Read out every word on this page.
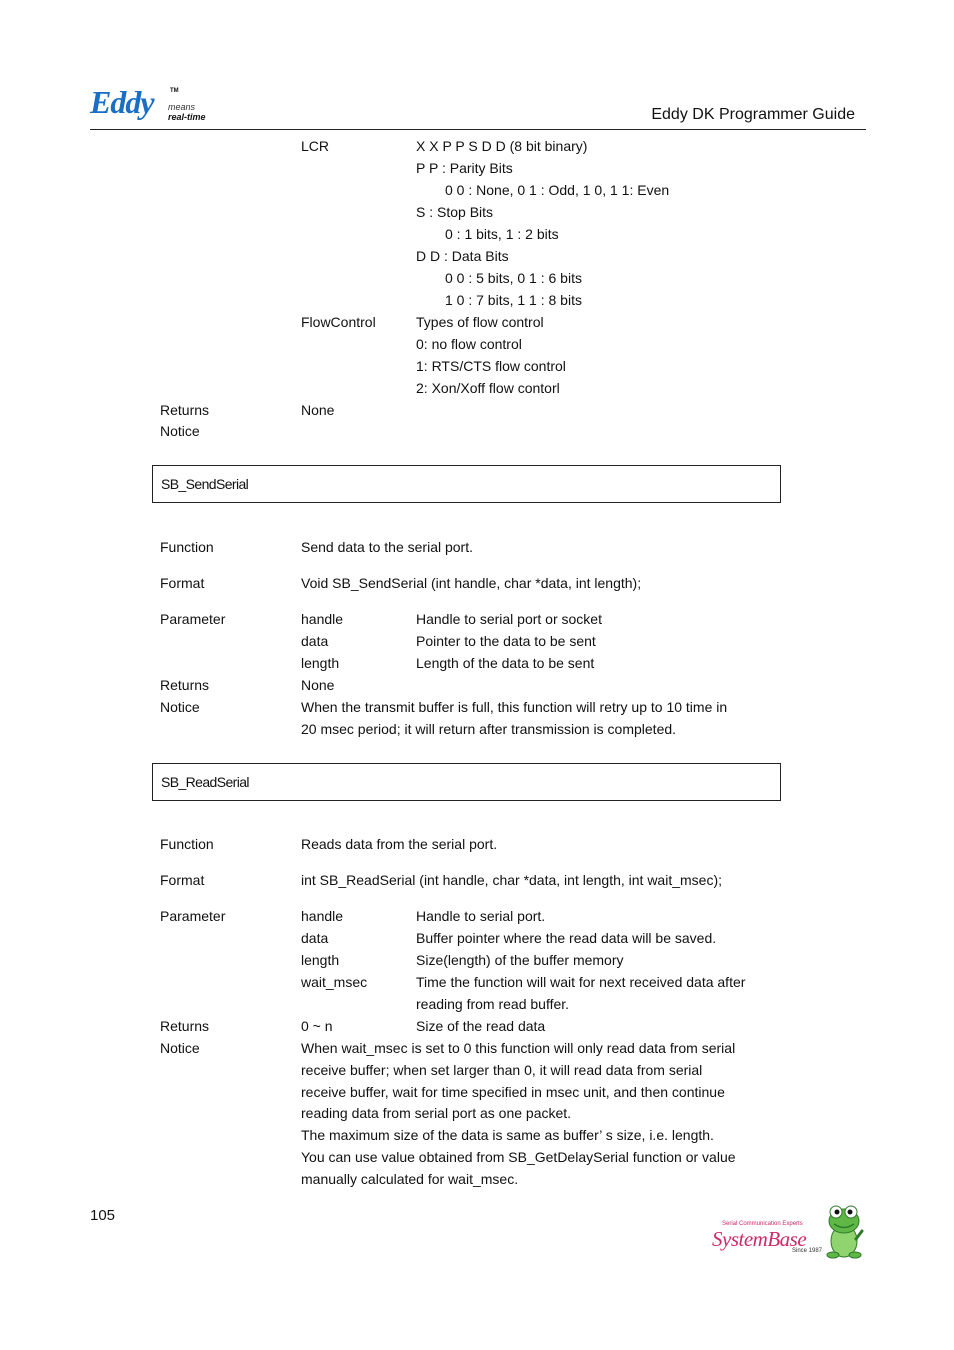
Eddy	TM
means
real-time	Eddy DK Programmer Guide
LCR	X X P P S D D (8 bit binary)
P P : Parity Bits
0 0 : None, 0 1 : Odd, 1 0, 1 1: Even
S : Stop Bits
0 : 1 bits, 1 : 2 bits
D D : Data Bits
0 0 : 5 bits, 0 1 : 6 bits
1 0 : 7 bits, 1 1 : 8 bits
FlowControl	Types of flow control
0: no flow control
1: RTS/CTS flow control
2: Xon/Xoff flow contorl
Returns	None
Notice
SB_SendSerial
Function	Send data to the serial port.
Format	Void SB_SendSerial (int handle, char *data, int length);
Parameter	handle	Handle to serial port or socket
data	Pointer to the data to be sent
length	Length of the data to be sent
Returns	None
Notice	When the transmit buffer is full, this function will retry up to 10 time in
20 msec period; it will return after transmission is completed.
SB_ReadSerial
Function	Reads data from the serial port.
Format	int SB_ReadSerial (int handle, char *data, int length, int wait_msec);
Parameter	handle	Handle to serial port.
data	Buffer pointer where the read data will be saved.
length	Size(length) of the buffer memory
wait_msec	Time the function will wait for next received data after
reading from read buffer.
Returns	0 ~ n	Size of the read data
Notice	When wait_msec is set to 0 this function will only read data from serial
receive buffer; when set larger than 0, it will read data from serial
receive buffer, wait for time specified in msec unit, and then continue
reading data from serial port as one packet.
The maximum size of the data is same as buffer’ s size, i.e. length.
You can use value obtained from SB_GetDelaySerial function or value
manually calculated for wait_msec.
105	Serial Communication Experts
SystemBase
Since 1987
